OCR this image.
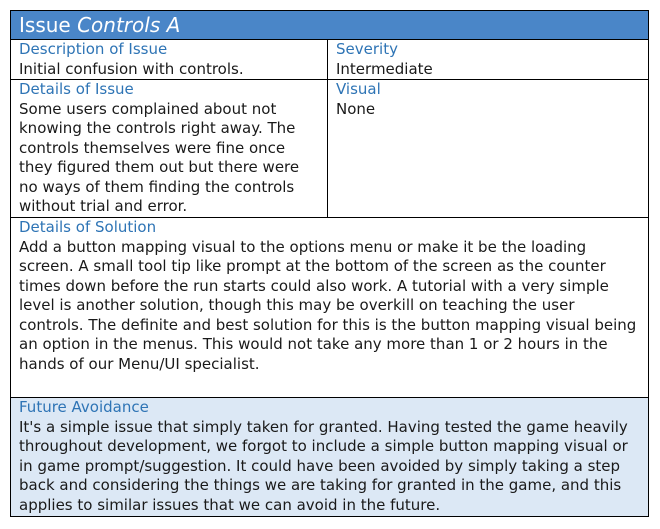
Issue Controls A
Description of Issue
Initial confusion with controls.
Severity
Intermediate
Details of Issue
Some users complained about not knowing the controls right away. The controls themselves were fine once they figured them out but there were no ways of them finding the controls without trial and error.
Visual
None
Details of Solution
Add a button mapping visual to the options menu or make it be the loading screen. A small tool tip like prompt at the bottom of the screen as the counter times down before the run starts could also work. A tutorial with a very simple level is another solution, though this may be overkill on teaching the user controls. The definite and best solution for this is the button mapping visual being an option in the menus. This would not take any more than 1 or 2 hours in the hands of our Menu/UI specialist.
Future Avoidance
It's a simple issue that simply taken for granted. Having tested the game heavily throughout development, we forgot to include a simple button mapping visual or in game prompt/suggestion. It could have been avoided by simply taking a step back and considering the things we are taking for granted in the game, and this applies to similar issues that we can avoid in the future.
